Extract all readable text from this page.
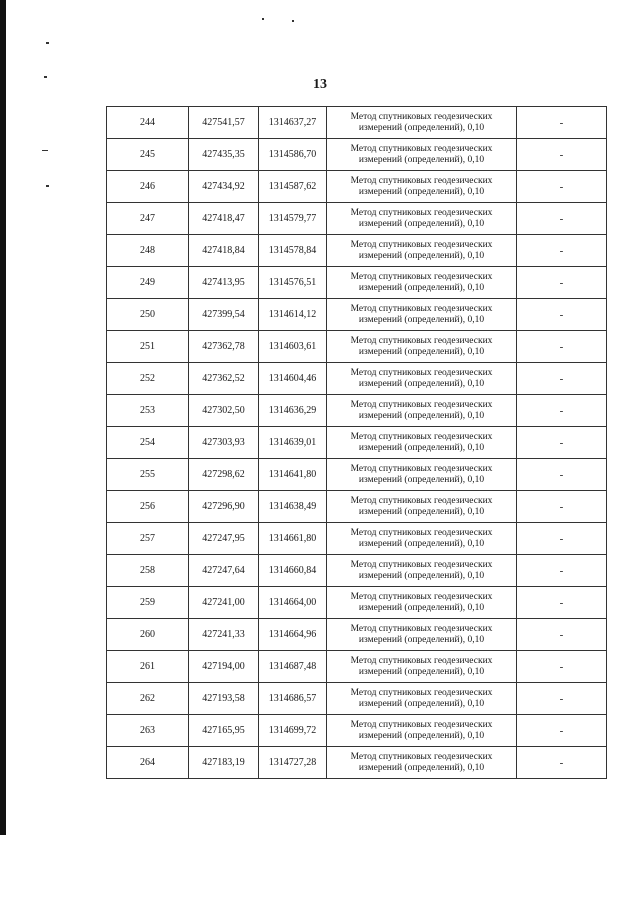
13
244	427541,57	1314637,27	Метод спутниковых геодезических
измерений (определений), 0,10	-
245	427435,35	1314586,70	Метод спутниковых геодезических
измерений (определений), 0,10	-
246	427434,92	1314587,62	Метод спутниковых геодезических
измерений (определений), 0,10	-
247	427418,47	1314579,77	Метод спутниковых геодезических
измерений (определений), 0,10	-
248	427418,84	1314578,84	Метод спутниковых геодезических
измерений (определений), 0,10	-
249	427413,95	1314576,51	Метод спутниковых геодезических
измерений (определений), 0,10	-
250	427399,54	1314614,12	Метод спутниковых геодезических
измерений (определений), 0,10	-
251	427362,78	1314603,61	Метод спутниковых геодезических
измерений (определений), 0,10	-
252	427362,52	1314604,46	Метод спутниковых геодезических
измерений (определений), 0,10	-
253	427302,50	1314636,29	Метод спутниковых геодезических
измерений (определений), 0,10	-
254	427303,93	1314639,01	Метод спутниковых геодезических
измерений (определений), 0,10	-
255	427298,62	1314641,80	Метод спутниковых геодезических
измерений (определений), 0,10	-
256	427296,90	1314638,49	Метод спутниковых геодезических
измерений (определений), 0,10	-
257	427247,95	1314661,80	Метод спутниковых геодезических
измерений (определений), 0,10	-
258	427247,64	1314660,84	Метод спутниковых геодезических
измерений (определений), 0,10	-
259	427241,00	1314664,00	Метод спутниковых геодезических
измерений (определений), 0,10	-
260	427241,33	1314664,96	Метод спутниковых геодезических
измерений (определений), 0,10	-
261	427194,00	1314687,48	Метод спутниковых геодезических
измерений (определений), 0,10	-
262	427193,58	1314686,57	Метод спутниковых геодезических
измерений (определений), 0,10	-
263	427165,95	1314699,72	Метод спутниковых геодезических
измерений (определений), 0,10	-
264	427183,19	1314727,28	Метод спутниковых геодезических
измерений (определений), 0,10	-
